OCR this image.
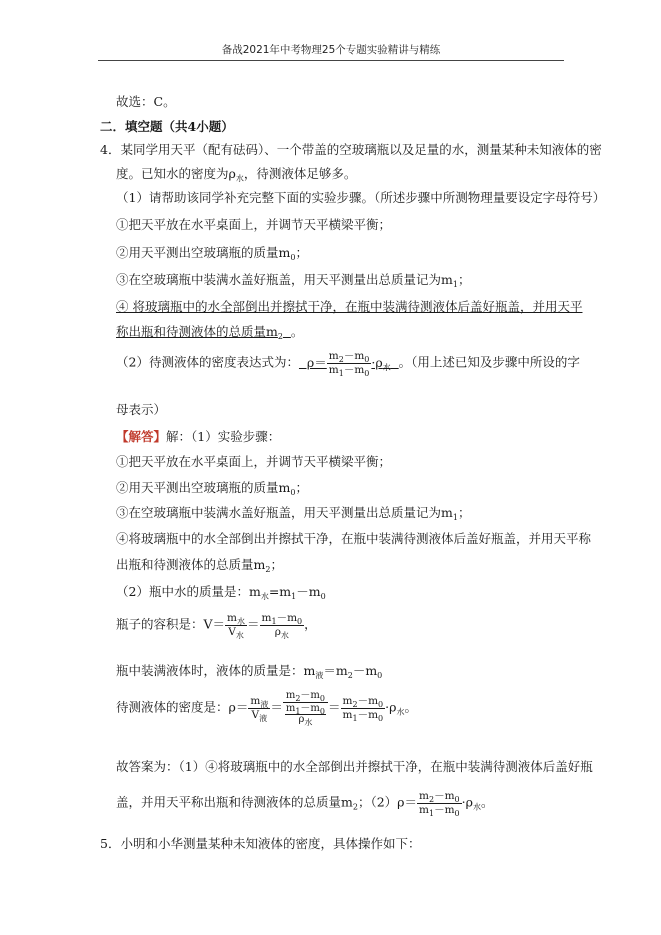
备战2021年中考物理25个专题实验精讲与精练
故选：C。
二．填空题（共4小题）
4．某同学用天平（配有砝码）、一个带盖的空玻璃瓶以及足量的水，测量某种未知液体的密
度。已知水的密度为$\rho_水$，待测液体足够多。
（1）请帮助该同学补充完整下面的实验步骤。（所述步骤中所测物理量要设定字母符号）
①把天平放在水平桌面上，并调节天平横梁平衡；
②用天平测出空玻璃瓶的质量$m_0$；
③在空玻璃瓶中装满水盖好瓶盖，用天平测量出总质量记为$m_1$；
④ 将玻璃瓶中的水全部倒出并擦拭干净，在瓶中装满待测液体后盖好瓶盖，并用天平
称出瓶和待测液体的总质量$m_2$ 。
（2）待测液体的密度表达式为：  $\rho= \frac{m_2-m_0}{m_1-m_0} \cdot\rho_水$ 。（用上述已知及步骤中所设的字
母表示）
【解答】解：（1）实验步骤：
①把天平放在水平桌面上，并调节天平横梁平衡；
②用天平测出空玻璃瓶的质量$m_0$；
③在空玻璃瓶中装满水盖好瓶盖，用天平测量出总质量记为$m_1$；
④将玻璃瓶中的水全部倒出并擦拭干净，在瓶中装满待测液体后盖好瓶盖，并用天平称
出瓶和待测液体的总质量$m_2$；
（2）瓶中水的质量是：$m_水=m_1-m_0$
瓶子的容积是：$V= m_水$
$V_水$
＝ $m_1-m_0$
$\rho_水$
，
瓶中装满液体时，液体的质量是：$m_液=m_2-m_0$
待测液体的密度是：$\rho= m_液$
$V_液$
＝
$m_2-m_0$
$m_1-m_0$
$\rho_水$
＝ $\frac{m_2-m_0}{m_1-m_0} \cdot\rho_水$。
故答案为：（1）④将玻璃瓶中的水全部倒出并擦拭干净，在瓶中装满待测液体后盖好瓶
盖，并用天平称出瓶和待测液体的总质量$m_2$；$(2)\rho= \frac{m_2-m_0}{m_1-m_0} \cdot\rho_水$。
5．小明和小华测量某种未知液体的密度，具体操作如下：
